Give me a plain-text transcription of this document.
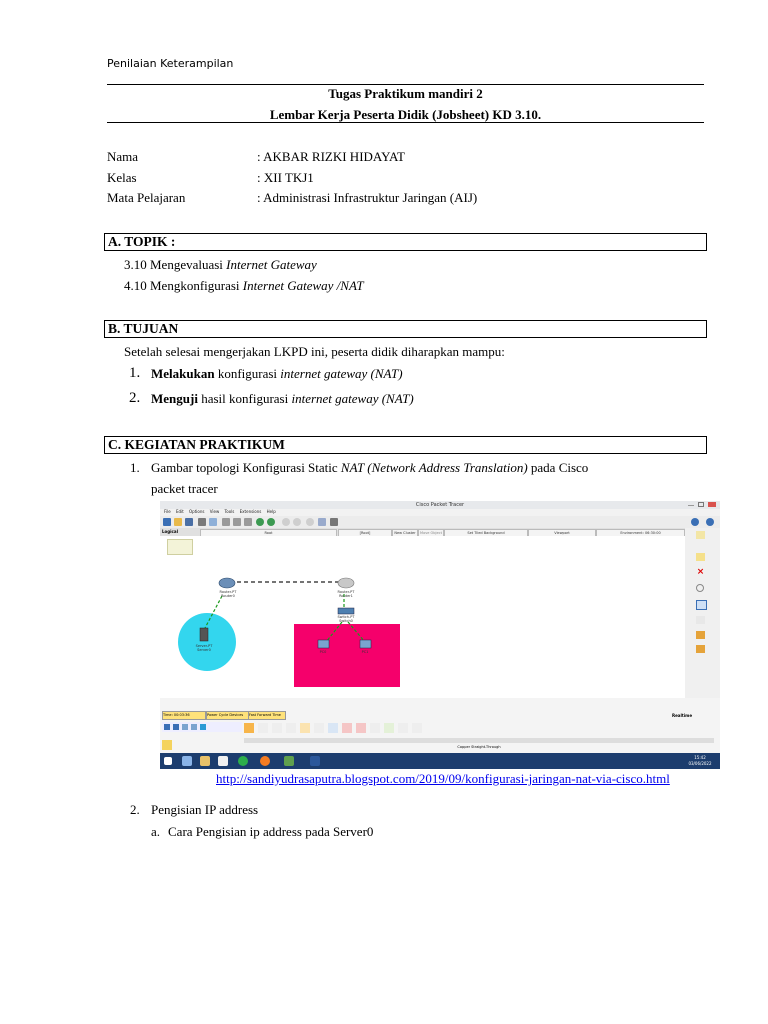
Penilaian Keterampilan
Tugas Praktikum mandiri 2
Lembar Kerja Peserta Didik (Jobsheet) KD 3.10.
Nama	: AKBAR RIZKI HIDAYAT
Kelas	: XII TKJ1
Mata Pelajaran	: Administrasi Infrastruktur Jaringan (AIJ)
A. TOPIK :
3.10 Mengevaluasi Internet Gateway
4.10 Mengkonfigurasi Internet Gateway /NAT
B. TUJUAN
Setelah selesai mengerjakan LKPD ini, peserta didik diharapkan mampu:
1. Melakukan konfigurasi internet gateway (NAT)
2. Menguji hasil konfigurasi internet gateway (NAT)
C. KEGIATAN PRAKTIKUM
1. Gambar topologi Konfigurasi Static NAT (Network Address Translation) pada Cisco
packet tracer
Cisco Packet Tracer
File Edit Options View Tools Extensions Help
Logical	Root	[Root]	New Cluster	Move Object	Set Tiled Background	Viewport	Environment: 06:30:00
Router-PT
Router0
Router-PT
Router1
Switch-PT
Switch0
Server-PT
Server0	PC0	PC1
×
Time: 00:03:36	Power Cycle Devices	Fast Forward Time	Realtime
Copper Straight-Through
15:42
03/06/2022
http://sandiyudrasaputra.blogspot.com/2019/09/konfigurasi-jaringan-nat-via-cisco.html
2. Pengisian IP address
a. Cara Pengisian ip address pada Server0
